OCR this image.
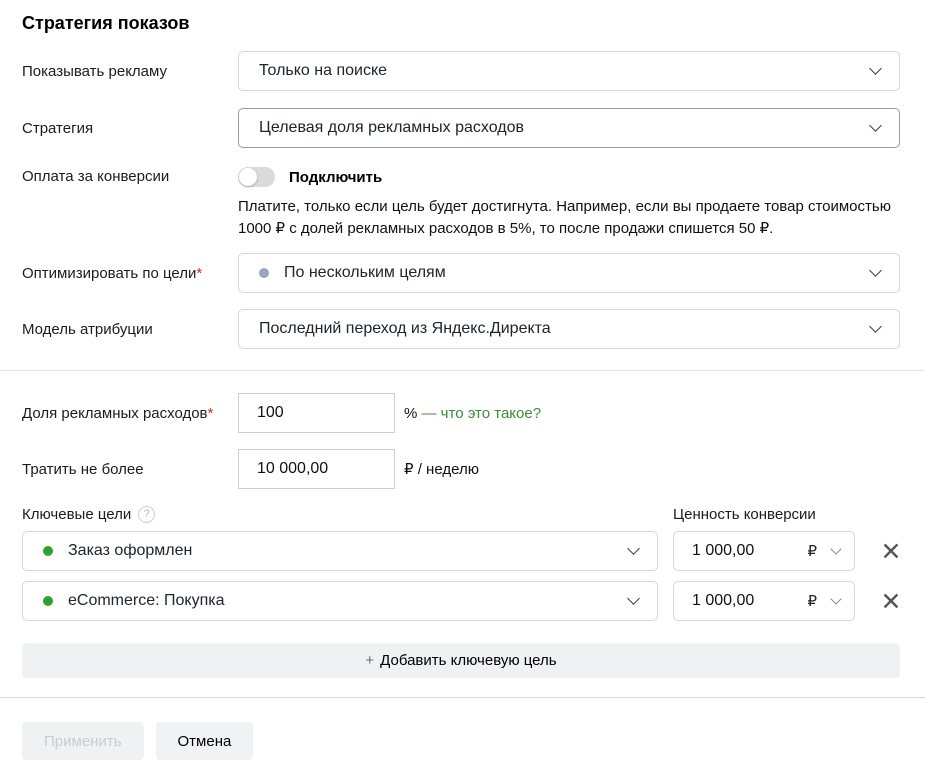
Стратегия показов
Показывать рекламу	Только на поиске
Стратегия	Целевая доля рекламных расходов
Оплата за конверсии	Подключить
Платите, только если цель будет достигнута. Например, если вы продаете товар стоимостью 1000 ₽ с долей рекламных расходов в 5%, то после продажи спишется 50 ₽.
Оптимизировать по цели*	По нескольким целям
Модель атрибуции	Последний переход из Яндекс.Директа
Доля рекламных расходов*
100	% — что это такое?
Тратить не более
10 000,00	₽ / неделю
Ключевые цели	?	Ценность конверсии
Заказ оформлен	1 000,00	₽	✕
eCommerce: Покупка	1 000,00	₽	✕
+ Добавить ключевую цель
Применить	Отмена
